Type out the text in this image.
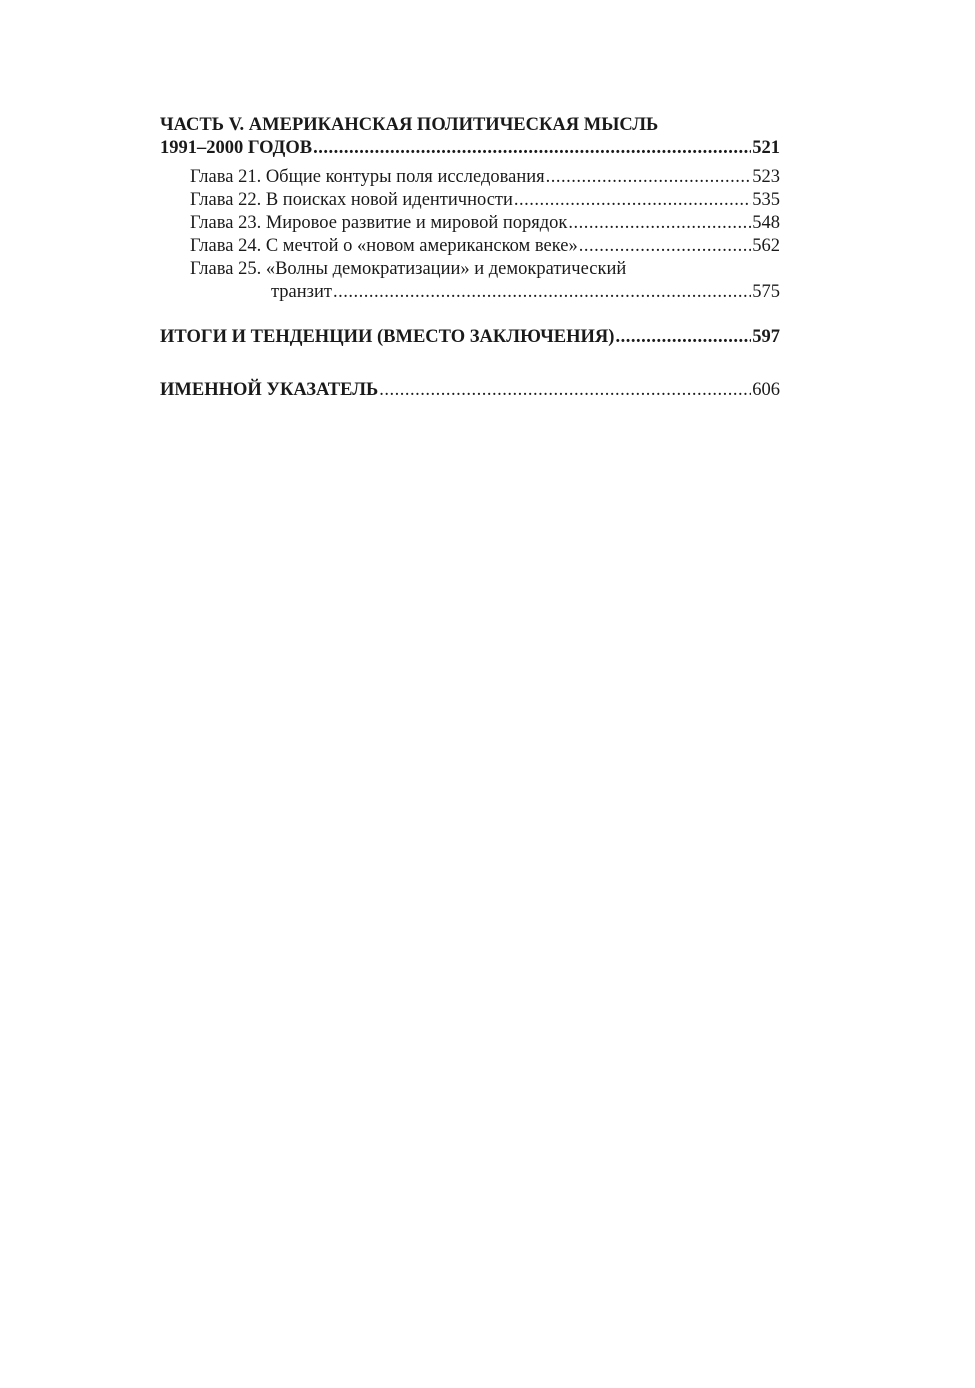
ЧАСТЬ V. АМЕРИКАНСКАЯ ПОЛИТИЧЕСКАЯ МЫСЛЬ
1991–2000 ГОДОВ .....	521
Глава 21. Общие контуры поля исследования .....	523
Глава 22. В поисках новой идентичности .....	535
Глава 23. Мировое развитие и мировой порядок .....	548
Глава 24. С мечтой о «новом американском веке» .....	562
Глава 25. «Волны демократизации» и демократический
транзит .....	575
ИТОГИ И ТЕНДЕНЦИИ (ВМЕСТО ЗАКЛЮЧЕНИЯ) .....	597
ИМЕННОЙ УКАЗАТЕЛЬ .....	606
